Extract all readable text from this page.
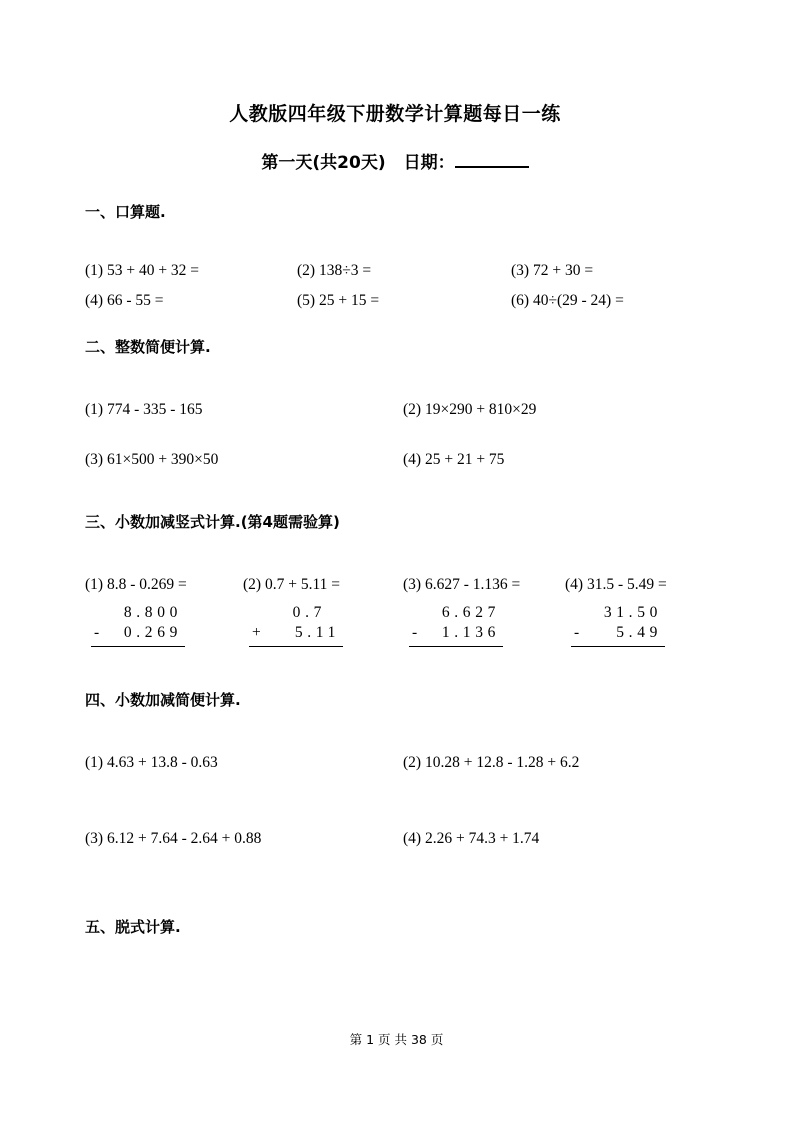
人教版四年级下册数学计算题每日一练
第一天(共20天) 日期：
一、口算题.
(1) 53 + 40 + 32 =	(2) 138÷3 =	(3) 72 + 30 =
(4) 66 - 55 =	(5) 25 + 15 =	(6) 40÷(29 - 24) =
二、整数简便计算.
(1) 774 - 335 - 165	(2) 19×290 + 810×29
(3) 61×500 + 390×50	(4) 25 + 21 + 75
三、小数加减竖式计算.(第4题需验算)
(1) 8.8 - 0.269 =	(2) 0.7 + 5.11 =	(3) 6.627 - 1.136 =	(4) 31.5 - 5.49 =
8.800
- 0.269
0.7
+ 5.11
6.627
- 1.136
31.50
- 5.49
四、小数加减简便计算.
(1) 4.63 + 13.8 - 0.63	(2) 10.28 + 12.8 - 1.28 + 6.2
(3) 6.12 + 7.64 - 2.64 + 0.88	(4) 2.26 + 74.3 + 1.74
五、脱式计算.
第 1 页 共 38 页
